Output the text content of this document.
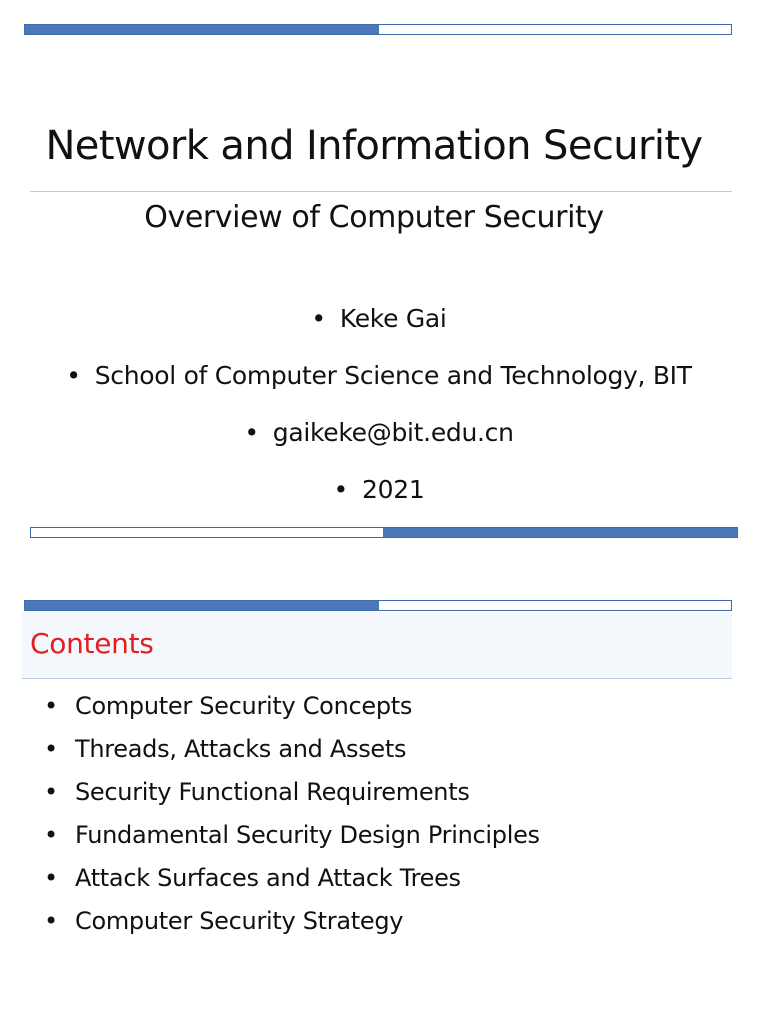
Network and Information Security
Overview of Computer Security
• Keke Gai
• School of Computer Science and Technology, BIT
• gaikeke@bit.edu.cn
• 2021
Contents
• Computer Security Concepts
• Threads, Attacks and Assets
• Security Functional Requirements
• Fundamental Security Design Principles
• Attack Surfaces and Attack Trees
• Computer Security Strategy
